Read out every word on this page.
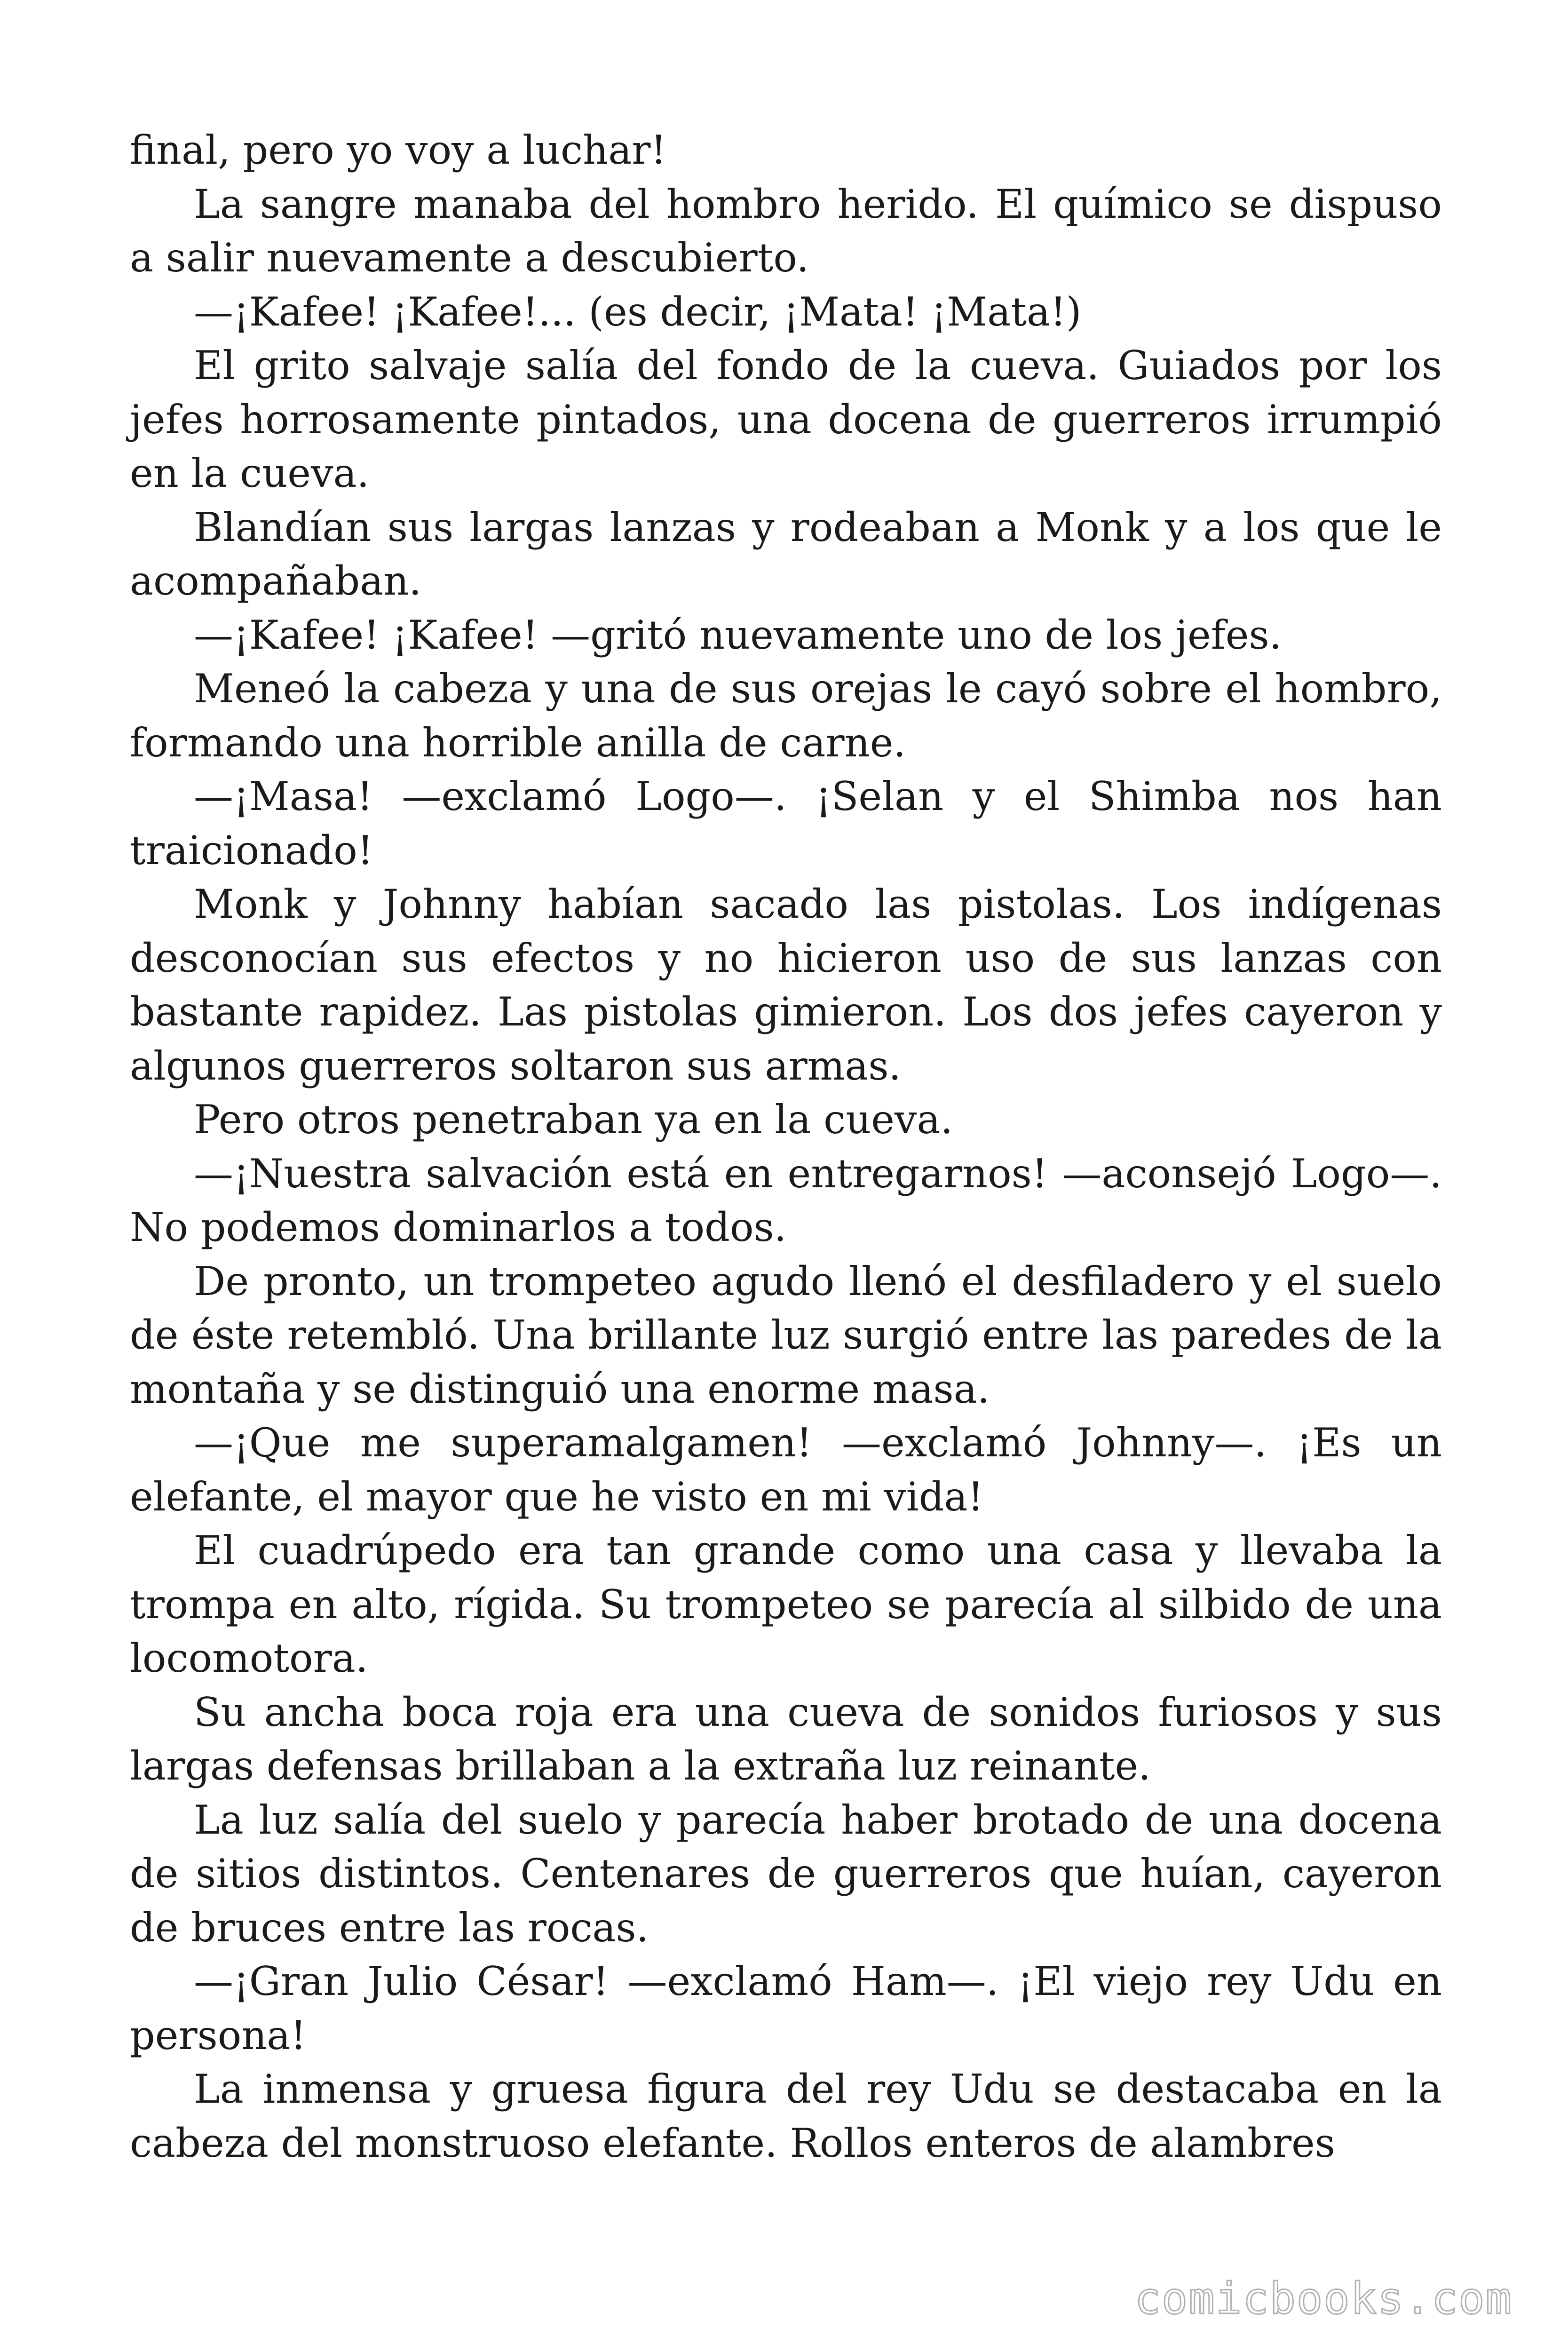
final, pero yo voy a luchar!

La sangre manaba del hombro herido. El químico se dispuso a salir nuevamente a descubierto.

—¡Kafee! ¡Kafee!... (es decir, ¡Mata! ¡Mata!)

El grito salvaje salía del fondo de la cueva. Guiados por los jefes horrosamente pintados, una docena de guerreros irrumpió en la cueva.

Blandían sus largas lanzas y rodeaban a Monk y a los que le acompañaban.

—¡Kafee! ¡Kafee! —gritó nuevamente uno de los jefes.

Meneó la cabeza y una de sus orejas le cayó sobre el hombro, formando una horrible anilla de carne.

—¡Masa! —exclamó Logo—. ¡Selan y el Shimba nos han traicionado!

Monk y Johnny habían sacado las pistolas. Los indígenas desconocían sus efectos y no hicieron uso de sus lanzas con bastante rapidez. Las pistolas gimieron. Los dos jefes cayeron y algunos guerreros soltaron sus armas.

Pero otros penetraban ya en la cueva.

—¡Nuestra salvación está en entregarnos! —aconsejó Logo—. No podemos dominarlos a todos.

De pronto, un trompeteo agudo llenó el desfiladero y el suelo de éste retembló. Una brillante luz surgió entre las paredes de la montaña y se distinguió una enorme masa.

—¡Que me superamalgamen! —exclamó Johnny—. ¡Es un elefante, el mayor que he visto en mi vida!

El cuadrúpedo era tan grande como una casa y llevaba la trompa en alto, rígida. Su trompeteo se parecía al silbido de una locomotora.

Su ancha boca roja era una cueva de sonidos furiosos y sus largas defensas brillaban a la extraña luz reinante.

La luz salía del suelo y parecía haber brotado de una docena de sitios distintos. Centenares de guerreros que huían, cayeron de bruces entre las rocas.

—¡Gran Julio César! —exclamó Ham—. ¡El viejo rey Udu en persona!

La inmensa y gruesa figura del rey Udu se destacaba en la cabeza del monstruoso elefante. Rollos enteros de alambres

comicbooks.com
